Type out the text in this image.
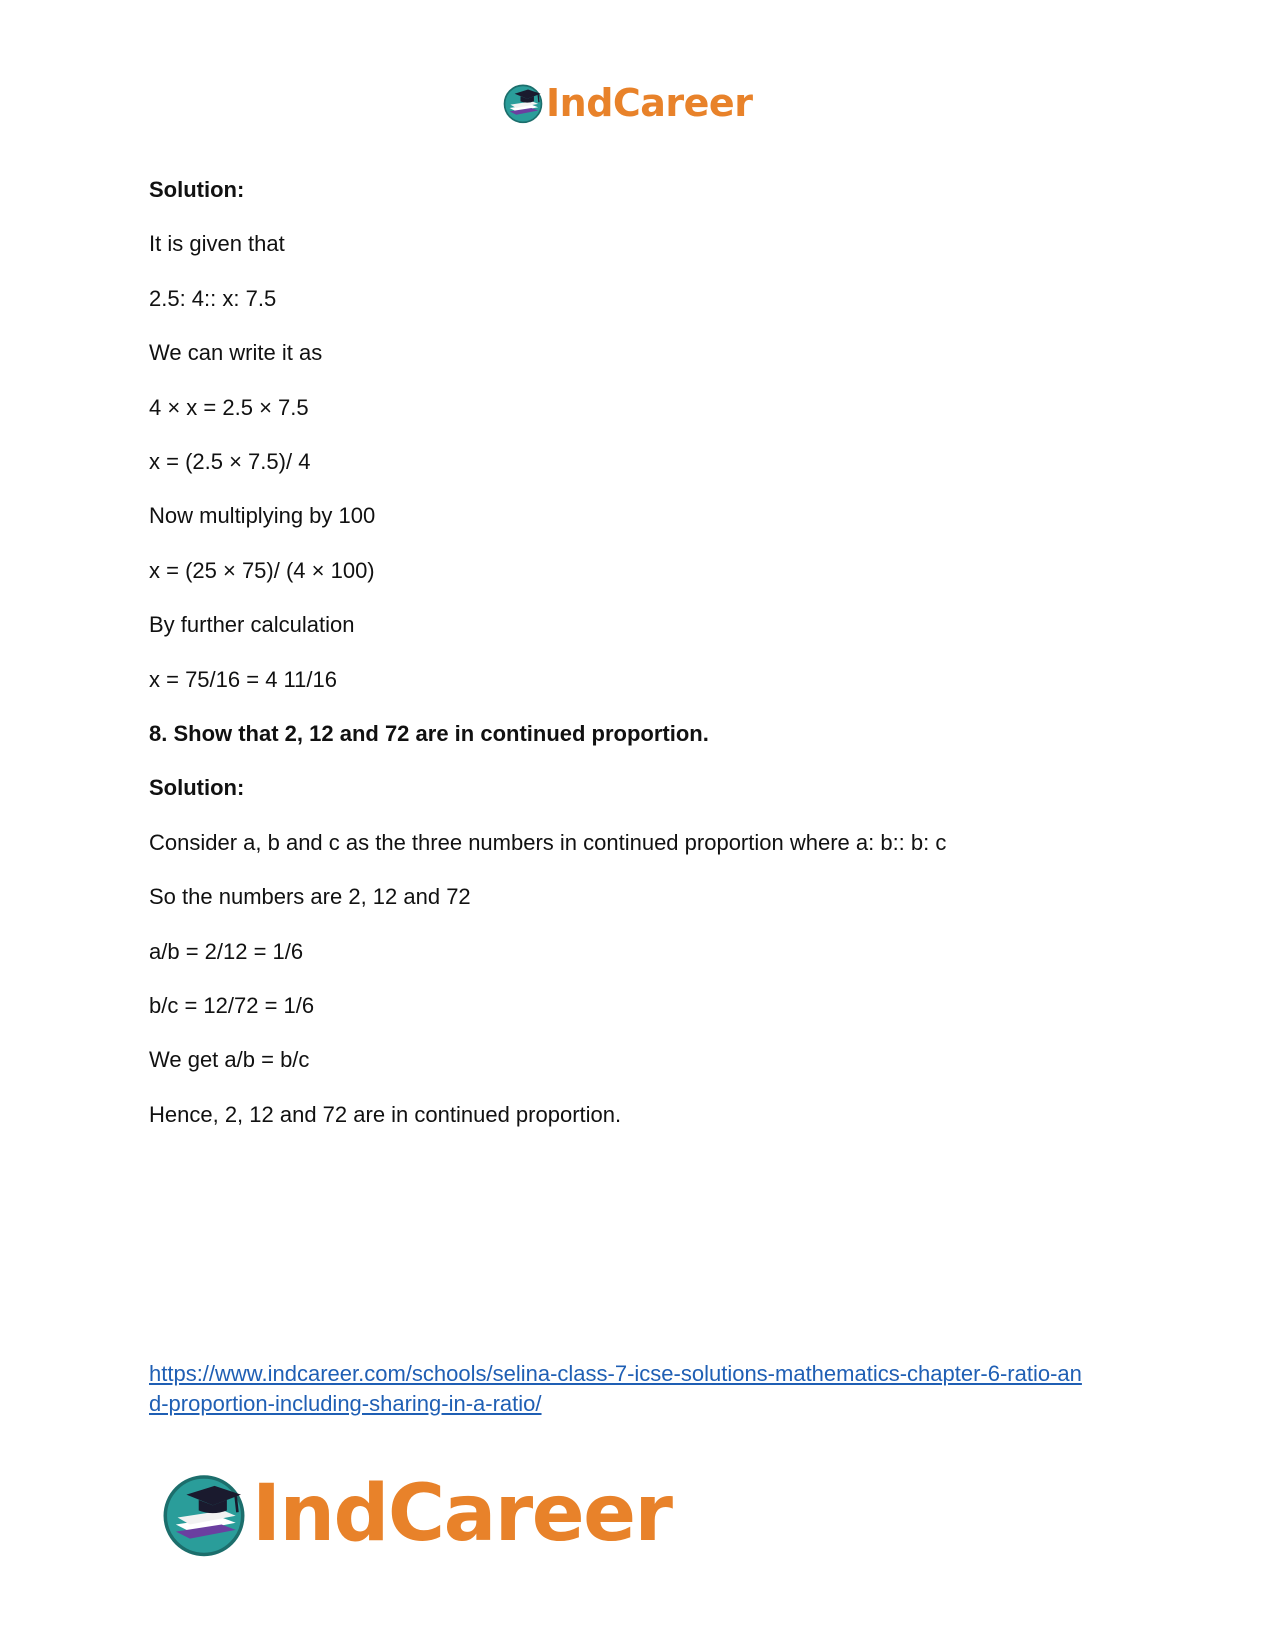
IndCareer
Solution:
It is given that
2.5: 4:: x: 7.5
We can write it as
4 × x = 2.5 × 7.5
x = (2.5 × 7.5)/ 4
Now multiplying by 100
x = (25 × 75)/ (4 × 100)
By further calculation
x = 75/16 = 4 11/16
8. Show that 2, 12 and 72 are in continued proportion.
Solution:
Consider a, b and c as the three numbers in continued proportion where a: b:: b: c
So the numbers are 2, 12 and 72
a/b = 2/12 = 1/6
b/c = 12/72 = 1/6
We get a/b = b/c
Hence, 2, 12 and 72 are in continued proportion.
https://www.indcareer.com/schools/selina-class-7-icse-solutions-mathematics-chapter-6-ratio-an
d-proportion-including-sharing-in-a-ratio/
IndCareer
